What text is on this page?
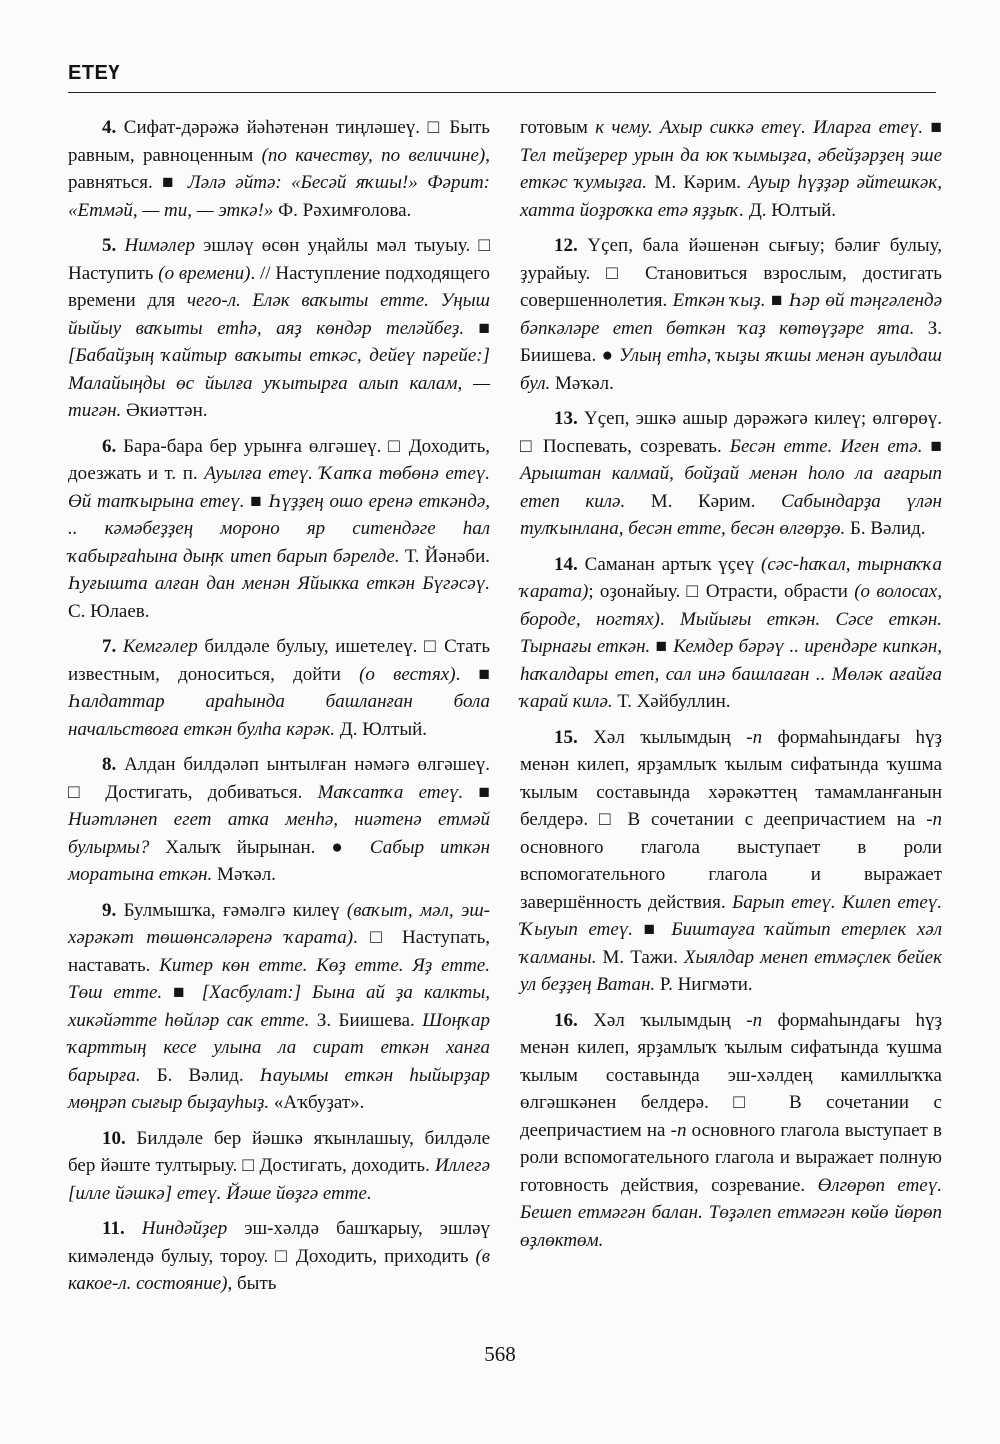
ЕТЕҮ

4. Сифат-дәрәжә йәһәтенән тиңләшеү. □ Быть равным, равноценным (по качеству, по величине), равняться. ■ Ләлә әйтә: «Бесәй яҡшы!» Фәрит: «Етмәй, — ти, — эткә!» Ф. Рәхимғолова.

5. Нимәлер эшләү өсөн уңайлы мәл тыуыу. □ Наступить (о времени). // Наступление подходящего времени для чего-л. Еләк ваҡыты етте. Уңыш йыйыу ваҡыты етһә, аяҙ көндәр теләйбеҙ. ■ [Бабайҙың ҡайтыр ваҡыты еткәс, дейеү пәрейе:] Малайыңды өс йылға уҡытырға алып калам, — тигән. Әкиәттән.

6. Бара-бара бер урынға өлгәшеү. □ Доходить, доезжать и т. п. Ауылға етеү. Ҡапҡа төбөнә етеү. Өй тапҡырына етеү. ■ Һүҙҙең ошо еренә еткәндә, .. кәмәбеҙҙең мороно яр ситендәге һал ҡабырғаһына дыңҡ итеп барып бәрелде. Т. Йәнәби. Һуғышта алған дан менән Яйыкка еткән Бүгәсәү. С. Юлаев.

7. Кемгәлер билдәле булыу, ишетелеү. □ Стать известным, доноситься, дойти (о вестях). ■ Һалдаттар араһында башланған бола начальствоға еткән булһа кәрәк. Д. Юлтый.

8. Алдан билдәләп ынтылған нәмәгә өлгәшеү. □ Достигать, добиваться. Маҡсатҡа етеү. ■ Ниәтләнеп егет атка менһә, ниәтенә етмәй булырмы? Халыҡ йырынан. ● Сабыр иткән моратына еткән. Мәҡәл.

9. Булмышҡа, ғәмәлгә килеү (ваҡыт, мәл, эш-хәрәкәт төшөнсәләренә ҡарата). □ Наступать, наставать. Китер көн етте. Көҙ етте. Яҙ етте. Төш етте. ■ [Хасбулат:] Бына ай ҙа калкты, хикәйәтте һөйләр сак етте. З. Биишева. Шоңҡар ҡарттың кесе улына ла сират еткән ханға барырға. Б. Вәлид. Һауымы еткән һыйырҙар мөңрәп сығыр быҙауһыҙ. «Аҡбуҙат».

10. Билдәле бер йәшкә яҡынлашыу, билдәле бер йәште тултырыу. □ Достигать, доходить. Иллегә [илле йәшкә] етеү. Йәше йөҙгә етте.

11. Ниндәйҙер эш-хәлдә башҡарыу, эшләү кимәлендә булыу, тороу. □ Доходить, приходить (в какое-л. состояние), быть

готовым к чему. Ахыр сиккә етеү. Иларға етеү. ■ Тел тейҙерер урын да юк ҡымыҙға, әбейҙәрҙең эше еткәс ҡумыҙға. М. Кәрим. Ауыр һүҙҙәр әйтешкәк, хатта йоҙроҡка етә яҙҙыҡ. Д. Юлтый.

12. Үҫеп, бала йәшенән сығыу; бәлиғ булыу, ҙурайыу. □ Становиться взрослым, достигать совершеннолетия. Еткән ҡыҙ. ■ Һәр өй тәңгәлендә бәпкәләре етеп бөткән ҡаҙ көтөүҙәре ята. З. Биишева. ● Улың етһә, ҡыҙы яҡшы менән ауылдаш бул. Мәҡәл.

13. Үҫеп, эшкә ашыр дәрәжәгә килеү; өлгөрөү. □ Поспевать, созревать. Бесән етте. Иген етә. ■ Арыштан калмай, бойҙай менән һоло ла ағарып етеп килә. М. Кәрим. Сабындарҙа үлән тулҡынлана, бесән етте, бесән өлгөрҙө. Б. Вәлид.

14. Саманан артыҡ үҫеү (сәс-һаҡал, тырнаҡҡа ҡарата); оҙонайыу. □ Отрасти, обрасти (о волосах, бороде, ногтях). Мыйығы еткән. Сәсе еткән. Тырнағы еткән. ■ Кемдер бәрәү .. ирендәре кипкән, һаҡалдары етеп, сал инә башлаған .. Мөләк ағайға ҡарай килә. Т. Хәйбуллин.

15. Хәл ҡылымдың -п формаһындағы һүҙ менән килеп, ярҙамлыҡ ҡылым сифатында ҡушма ҡылым составында хәрәкәттең тамамланғанын белдерә. □ В сочетании с деепричастием на -п основного глагола выступает в роли вспомогательного глагола и выражает завершённость действия. Барып етеү. Килеп етеү. Ҡыуып етеү. ■ Биштауға ҡайтып етерлек хәл ҡалманы. М. Тажи. Хыялдар менеп етмәҫлек бейек ул беҙҙең Ватан. Р. Нигмәти.

16. Хәл ҡылымдың -п формаһындағы һүҙ менән килеп, ярҙамлыҡ ҡылым сифатында ҡушма ҡылым составында эш-хәлдең камиллыҡҡа өлгәшкәнен белдерә. □ В сочетании с деепричастием на -п основного глагола выступает в роли вспомогательного глагола и выражает полную готовность действия, созревание. Өлгөрөп етеү. Бешеп етмәгән балан. Төҙәлеп етмәгән көйө йөрөп өҙлөктөм.

568
